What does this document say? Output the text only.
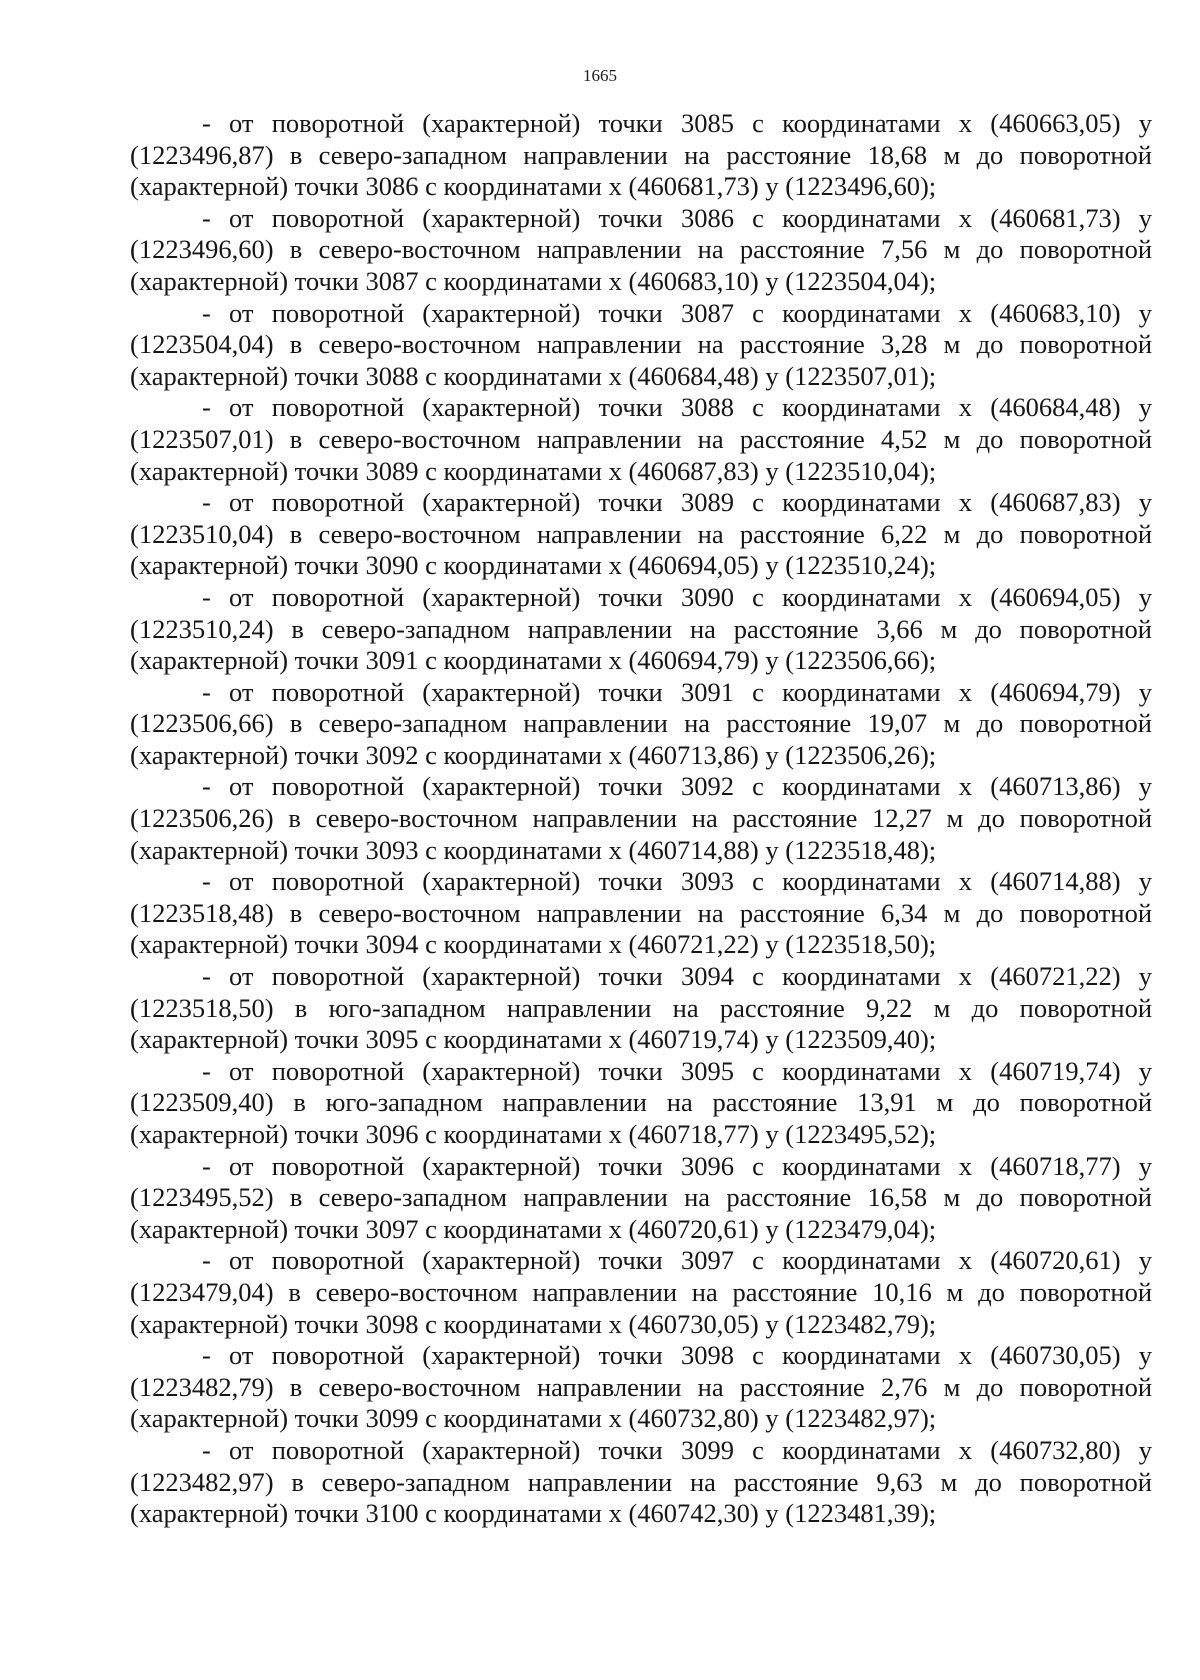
1665

- от поворотной (характерной) точки 3085 с координатами х (460663,05) у (1223496,87) в северо-западном направлении на расстояние 18,68 м до поворотной (характерной) точки 3086 с координатами х (460681,73) у (1223496,60);

- от поворотной (характерной) точки 3086 с координатами х (460681,73) у (1223496,60) в северо-восточном направлении на расстояние 7,56 м до поворотной (характерной) точки 3087 с координатами х (460683,10) у (1223504,04);

- от поворотной (характерной) точки 3087 с координатами х (460683,10) у (1223504,04) в северо-восточном направлении на расстояние 3,28 м до поворотной (характерной) точки 3088 с координатами х (460684,48) у (1223507,01);

- от поворотной (характерной) точки 3088 с координатами х (460684,48) у (1223507,01) в северо-восточном направлении на расстояние 4,52 м до поворотной (характерной) точки 3089 с координатами х (460687,83) у (1223510,04);

- от поворотной (характерной) точки 3089 с координатами х (460687,83) у (1223510,04) в северо-восточном направлении на расстояние 6,22 м до поворотной (характерной) точки 3090 с координатами х (460694,05) у (1223510,24);

- от поворотной (характерной) точки 3090 с координатами х (460694,05) у (1223510,24) в северо-западном направлении на расстояние 3,66 м до поворотной (характерной) точки 3091 с координатами х (460694,79) у (1223506,66);

- от поворотной (характерной) точки 3091 с координатами х (460694,79) у (1223506,66) в северо-западном направлении на расстояние 19,07 м до поворотной (характерной) точки 3092 с координатами х (460713,86) у (1223506,26);

- от поворотной (характерной) точки 3092 с координатами х (460713,86) у (1223506,26) в северо-восточном направлении на расстояние 12,27 м до поворотной (характерной) точки 3093 с координатами х (460714,88) у (1223518,48);

- от поворотной (характерной) точки 3093 с координатами х (460714,88) у (1223518,48) в северо-восточном направлении на расстояние 6,34 м до поворотной (характерной) точки 3094 с координатами х (460721,22) у (1223518,50);

- от поворотной (характерной) точки 3094 с координатами х (460721,22) у (1223518,50) в юго-западном направлении на расстояние 9,22 м до поворотной (характерной) точки 3095 с координатами х (460719,74) у (1223509,40);

- от поворотной (характерной) точки 3095 с координатами х (460719,74) у (1223509,40) в юго-западном направлении на расстояние 13,91 м до поворотной (характерной) точки 3096 с координатами х (460718,77) у (1223495,52);

- от поворотной (характерной) точки 3096 с координатами х (460718,77) у (1223495,52) в северо-западном направлении на расстояние 16,58 м до поворотной (характерной) точки 3097 с координатами х (460720,61) у (1223479,04);

- от поворотной (характерной) точки 3097 с координатами х (460720,61) у (1223479,04) в северо-восточном направлении на расстояние 10,16 м до поворотной (характерной) точки 3098 с координатами х (460730,05) у (1223482,79);

- от поворотной (характерной) точки 3098 с координатами х (460730,05) у (1223482,79) в северо-восточном направлении на расстояние 2,76 м до поворотной (характерной) точки 3099 с координатами х (460732,80) у (1223482,97);

- от поворотной (характерной) точки 3099 с координатами х (460732,80) у (1223482,97) в северо-западном направлении на расстояние 9,63 м до поворотной (характерной) точки 3100 с координатами х (460742,30) у (1223481,39);
